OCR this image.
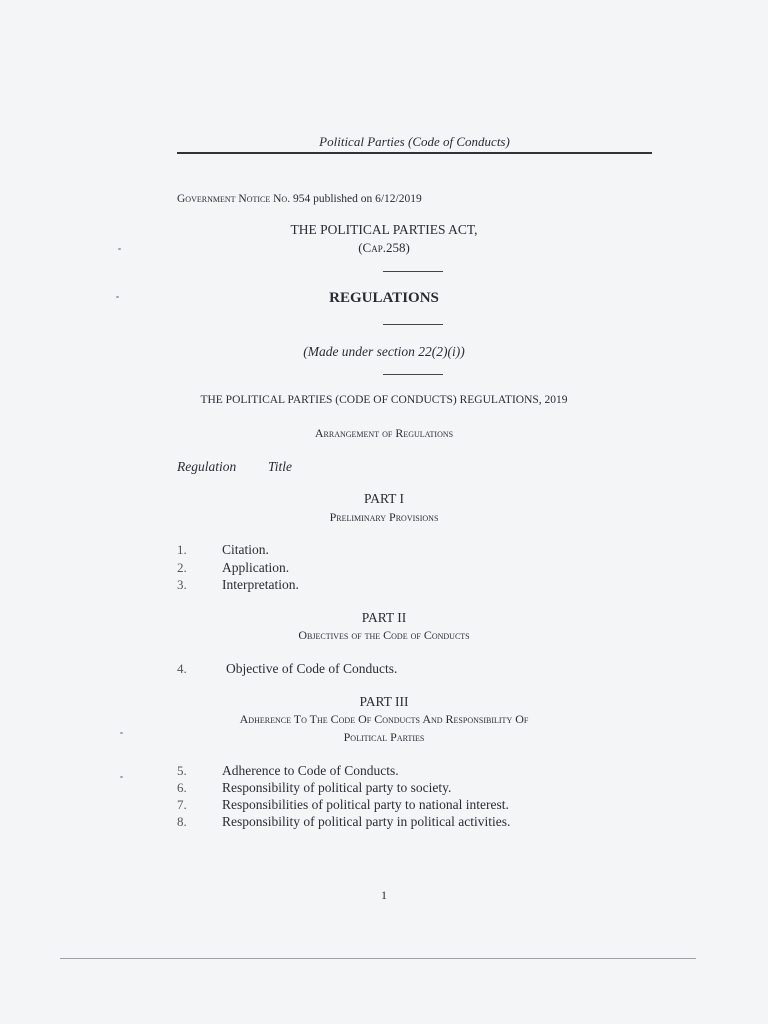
Political Parties (Code of Conducts)
Government Notice No. 954 published on 6/12/2019
THE POLITICAL PARTIES ACT,
(Cap.258)
REGULATIONS
(Made under section 22(2)(i))
THE POLITICAL PARTIES (CODE OF CONDUCTS) REGULATIONS, 2019
Arrangement of Regulations
Regulation Title
PART I
Preliminary Provisions
1.	Citation.
2.	Application.
3.	Interpretation.
PART II
Objectives of the Code of Conducts
4.	Objective of Code of Conducts.
PART III
Adherence To The Code Of Conducts And Responsibility Of
Political Parties
5.	Adherence to Code of Conducts.
6.	Responsibility of political party to society.
7.	Responsibilities of political party to national interest.
8.	Responsibility of political party in political activities.
1
